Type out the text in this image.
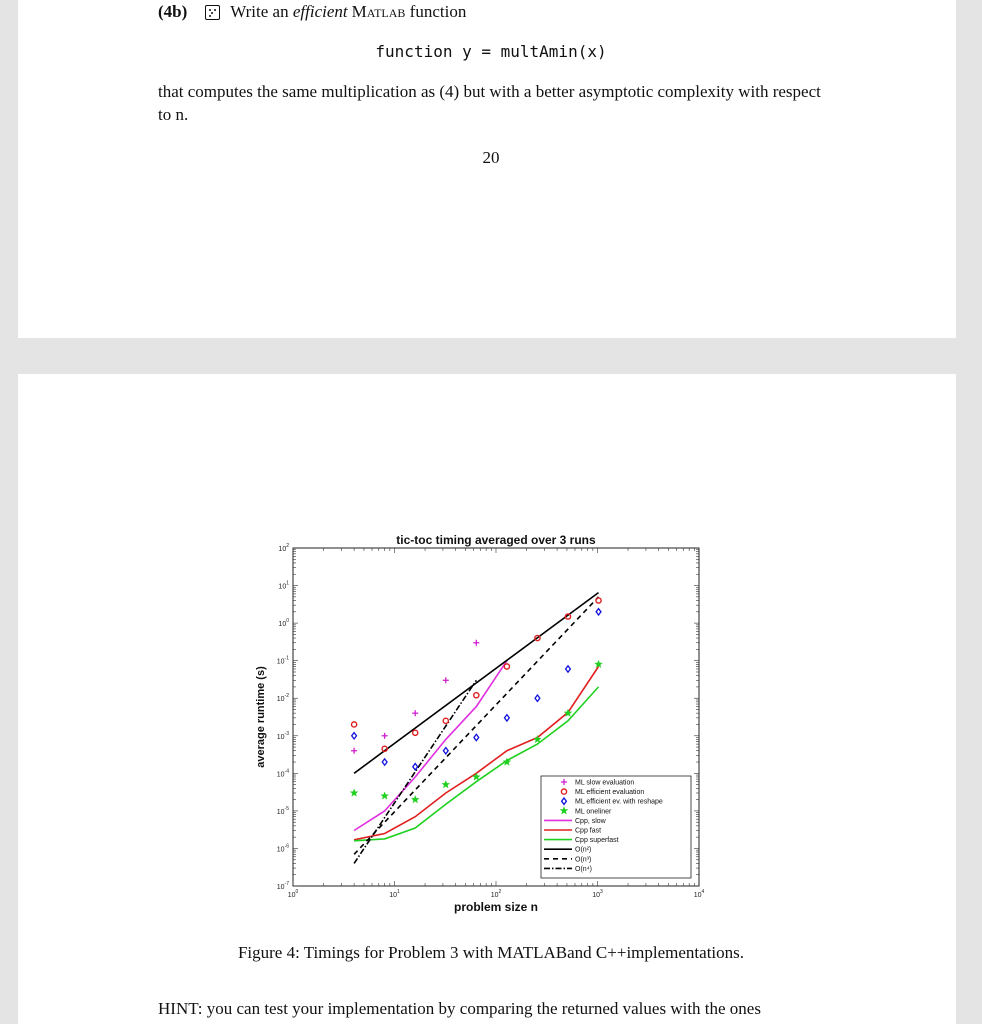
(4b)	Write an efficient Matlab function
function y = multAmin(x)
that computes the same multiplication as (4) but with a better asymptotic complexity with respect to n.
20
$10^0$	$10^1$	$10^2$	$10^3$	$10^4$
$10^{-7}$
$10^{-6}$
$10^{-5}$
$10^{-4}$
$10^{-3}$
$10^{-2}$
$10^{-1}$
$10^0$
$10^1$
$10^2$	tic-toc timing averaged over 3 runs
problem size n
average runtime (s)
ML slow evaluation
ML efficient evaluation
ML efficient ev. with reshape
ML oneliner
Cpp, slow
Cpp fast
Cpp superfast
O(n²)
O(n³)
O(n⁴)
Figure 4: Timings for Problem 3 with MATLABand C++implementations.
HINT: you can test your implementation by comparing the returned values with the ones
